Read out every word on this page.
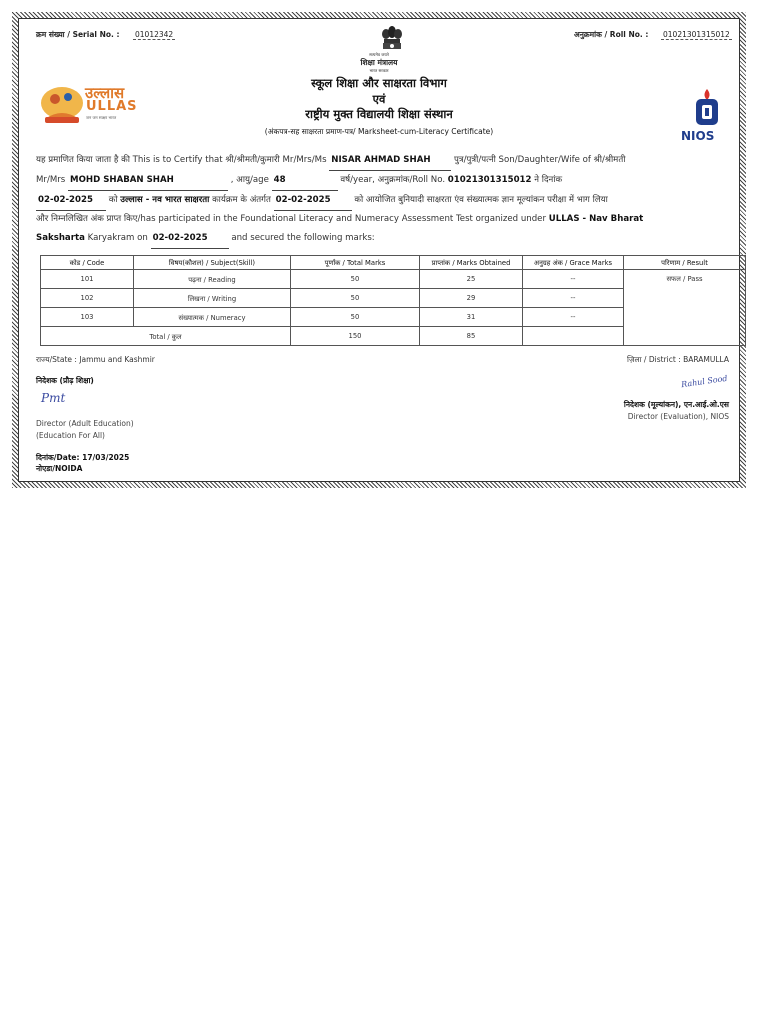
क्रम संख्या / Serial No. : 01012342	अनुक्रमांक / Roll No. : 01021301315012
सत्यमेव जयते
शिक्षा मंत्रालय
भारत सरकार
स्कूल शिक्षा और साक्षरता विभाग
एवं
राष्ट्रीय मुक्त विद्यालयी शिक्षा संस्थान
(अंकपत्र-सह साक्षरता प्रमाण-पत्र/ Marksheet-cum-Literacy Certificate)
उल्लास
ULLAS
जन जन साक्षर भारत
NIOS
यह प्रमाणित किया जाता है की This is to Certify that श्री/श्रीमती/कुमारी Mr/Mrs/Ms NISAR AHMAD SHAH	पुत्र/पुत्री/पत्नी Son/Daughter/Wife of श्री/श्रीमती
Mr/Mrs MOHD SHABAN SHAH	, आयु/age 48	वर्ष/year, अनुक्रमांक/Roll No. 01021301315012 ने दिनांक
02-02-2025 को उल्लास - नव भारत साक्षरता कार्यक्रम के अंतर्गत 02-02-2025	को आयोजित बुनियादी साक्षरता एंव संख्यात्मक ज्ञान मूल्यांकन परीक्षा में भाग लिया
और निम्नलिखित अंक प्राप्त किए/has participated in the Foundational Literacy and Numeracy Assessment Test organized under ULLAS - Nav Bharat
Saksharta Karyakram on 02-02-2025	and secured the following marks:
कोड / Code	विषय(कौशल) / Subject(Skill)	पूर्णांक / Total Marks	प्राप्तांक / Marks Obtained	अनुग्रह अंक / Grace Marks	परिणाम / Result
101	पढ़ना / Reading	50	25	--	सफल / Pass
102	लिखना / Writing	50	29	--	
103	संख्यात्मक / Numeracy	50	31	--	
Total / कुल		150	85		
राज्य/State : Jammu and Kashmir	ज़िला / District : BARAMULLA
निदेशक (प्रौढ़ शिक्षा)
Pmt
Director (Adult Education)
(Education For All)
दिनांक/Date: 17/03/2025
नोएडा/NOIDA
Rahul Sood
निदेशक (मूल्यांकन), एन.आई.ओ.एस
Director (Evaluation), NIOS
